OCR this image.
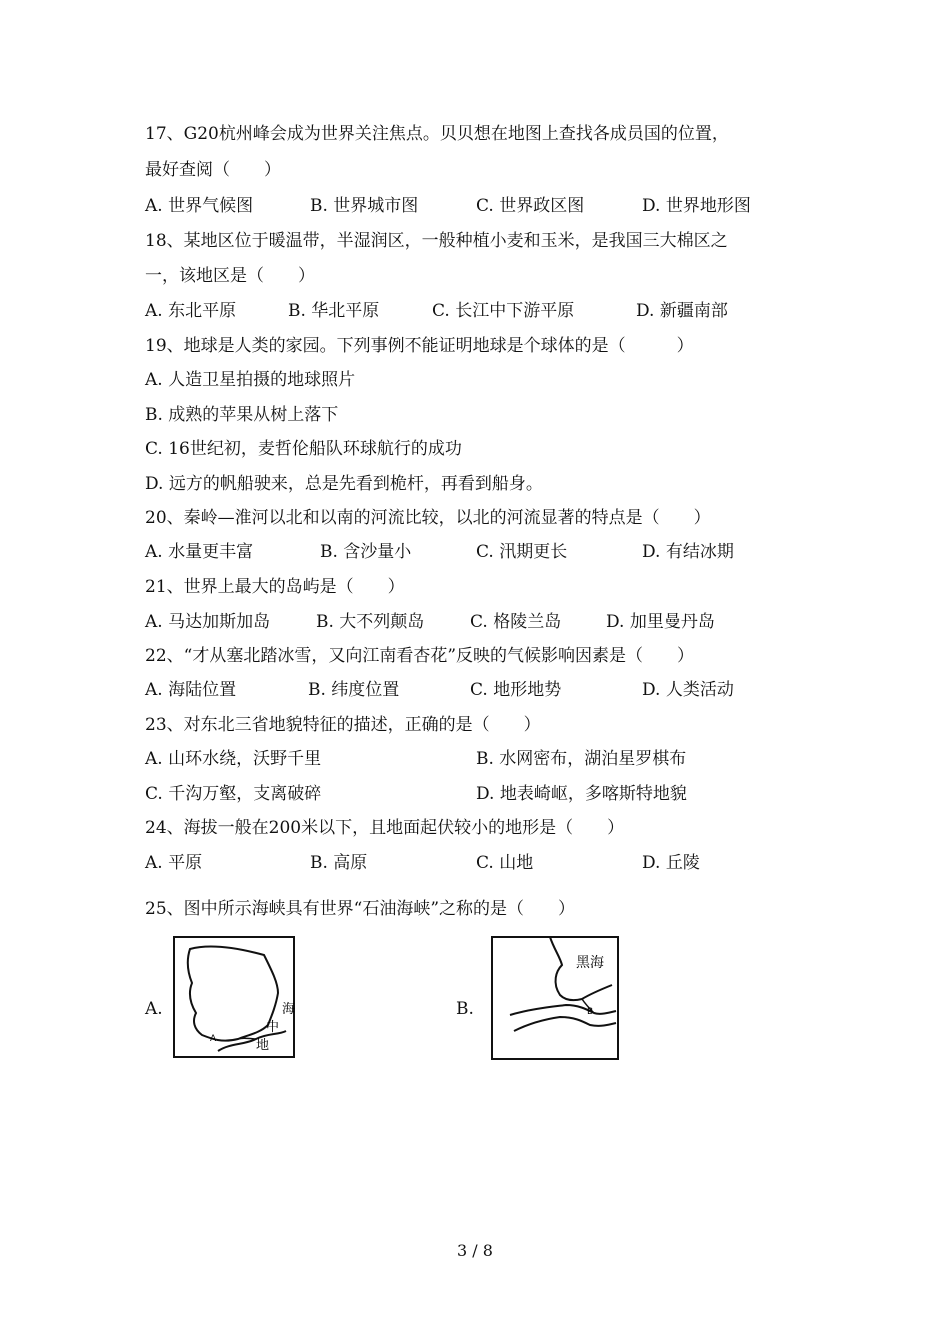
17、G20杭州峰会成为世界关注焦点。贝贝想在地图上查找各成员国的位置，
最好查阅（　　）
A. 世界气候图	B. 世界城市图	C. 世界政区图	D. 世界地形图
18、某地区位于暖温带，半湿润区，一般种植小麦和玉米，是我国三大棉区之
一，该地区是（　　）
A. 东北平原	B. 华北平原	C. 长江中下游平原	D. 新疆南部
19、地球是人类的家园。下列事例不能证明地球是个球体的是（　　　）
A. 人造卫星拍摄的地球照片
B. 成熟的苹果从树上落下
C. 16世纪初，麦哲伦船队环球航行的成功
D. 远方的帆船驶来，总是先看到桅杆，再看到船身。
20、秦岭—淮河以北和以南的河流比较，以北的河流显著的特点是（　　）
A. 水量更丰富	B. 含沙量小	C. 汛期更长	D. 有结冰期
21、世界上最大的岛屿是（　　）
A. 马达加斯加岛	B. 大不列颠岛	C. 格陵兰岛	D. 加里曼丹岛
22、“才从塞北踏冰雪，又向江南看杏花”反映的气候影响因素是（　　）
A. 海陆位置	B. 纬度位置	C. 地形地势	D. 人类活动
23、对东北三省地貌特征的描述，正确的是（　　）
A. 山环水绕，沃野千里	B. 水网密布，湖泊星罗棋布
C. 千沟万壑，支离破碎	D. 地表崎岖，多喀斯特地貌
24、海拔一般在200米以下，且地面起伏较小的地形是（　　）
A. 平原	B. 高原	C. 山地	D. 丘陵
25、图中所示海峡具有世界“石油海峡”之称的是（　　）
A.
A
海
中
地
B.
黑海
B
3 / 8
